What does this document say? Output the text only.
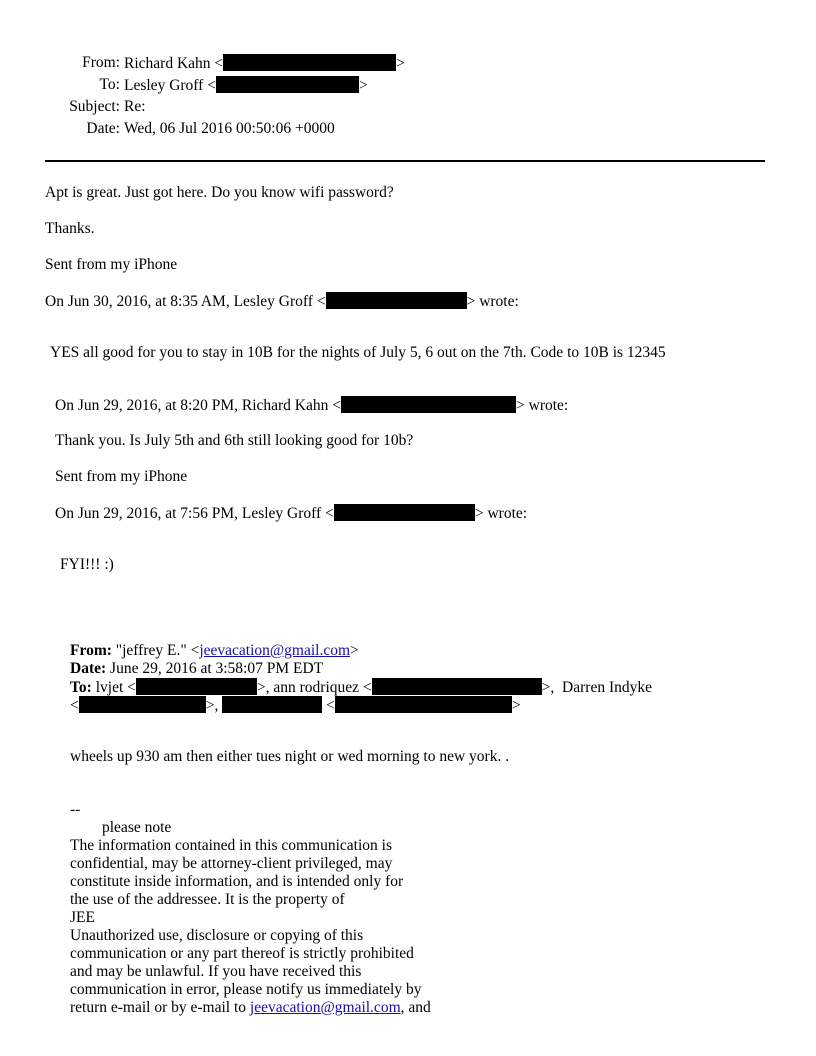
From: Richard Kahn <	>
To: Lesley Groff <	>
Subject: Re:
Date: Wed, 06 Jul 2016 00:50:06 +0000
Apt is great. Just got here. Do you know wifi password?
Thanks.
Sent from my iPhone
On Jun 30, 2016, at 8:35 AM, Lesley Groff <	> wrote:
YES all good for you to stay in 10B for the nights of July 5, 6 out on the 7th. Code to 10B is 12345
On Jun 29, 2016, at 8:20 PM, Richard Kahn <	> wrote:
Thank you. Is July 5th and 6th still looking good for 10b?
Sent from my iPhone
On Jun 29, 2016, at 7:56 PM, Lesley Groff <	> wrote:
FYI!!! :)
From: "jeffrey E." <jeevacation@gmail.com>
Date: June 29, 2016 at 3:58:07 PM EDT
To: lvjet <	>, ann rodriquez <	>,  Darren Indyke
<	>,	<	>
wheels up 930 am then either tues night or wed morning to new york. .
--
please note
The information contained in this communication is
confidential, may be attorney-client privileged, may
constitute inside information, and is intended only for
the use of the addressee. It is the property of
JEE
Unauthorized use, disclosure or copying of this
communication or any part thereof is strictly prohibited
and may be unlawful. If you have received this
communication in error, please notify us immediately by
return e-mail or by e-mail to jeevacation@gmail.com, and
